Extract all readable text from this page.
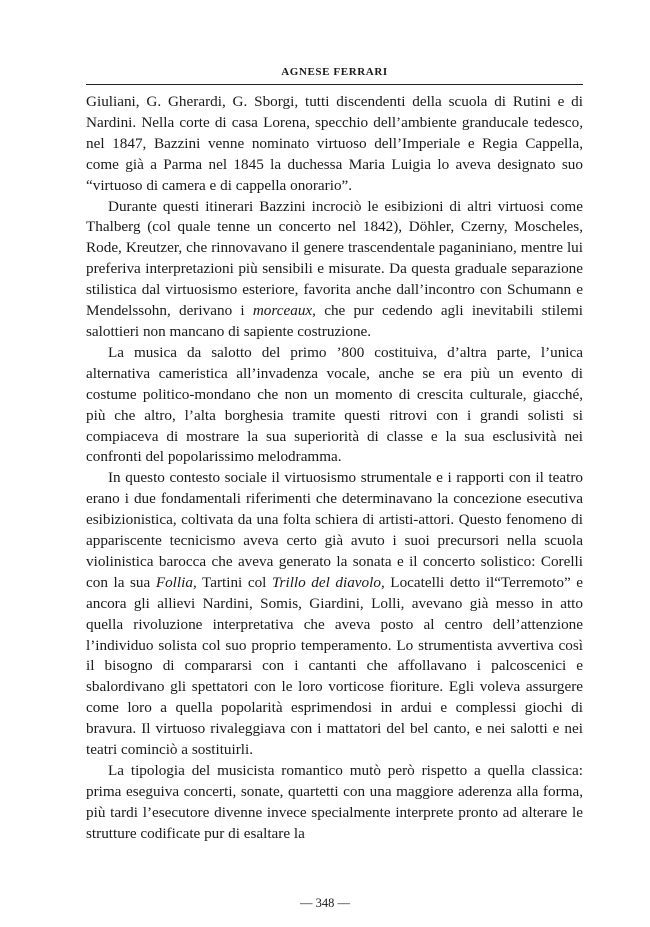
AGNESE FERRARI

Giuliani, G. Gherardi, G. Sborgi, tutti discendenti della scuola di Rutini e di Nardini. Nella corte di casa Lorena, specchio dell’ambiente granducale tedesco, nel 1847, Bazzini venne nominato virtuoso dell’Imperiale e Regia Cappella, come già a Parma nel 1845 la duchessa Maria Luigia lo aveva designato suo “virtuoso di camera e di cappella onorario”.

Durante questi itinerari Bazzini incrociò le esibizioni di altri virtuosi come Thalberg (col quale tenne un concerto nel 1842), Döhler, Czerny, Moscheles, Rode, Kreutzer, che rinnovavano il genere trascendentale paganiniano, mentre lui preferiva interpretazioni più sensibili e misurate. Da questa graduale separazione stilistica dal virtuosismo esteriore, favorita anche dall’incontro con Schumann e Mendelssohn, derivano i morceaux, che pur cedendo agli inevitabili stilemi salottieri non mancano di sapiente costruzione.

La musica da salotto del primo ’800 costituiva, d’altra parte, l’unica alternativa cameristica all’invadenza vocale, anche se era più un evento di costume politico-mondano che non un momento di crescita culturale, giacché, più che altro, l’alta borghesia tramite questi ritrovi con i grandi solisti si compiaceva di mostrare la sua superiorità di classe e la sua esclusività nei confronti del popolarissimo melodramma.

In questo contesto sociale il virtuosismo strumentale e i rapporti con il teatro erano i due fondamentali riferimenti che determinavano la concezione esecutiva esibizionistica, coltivata da una folta schiera di artisti-attori. Questo fenomeno di appariscente tecnicismo aveva certo già avuto i suoi precursori nella scuola violinistica barocca che aveva generato la sonata e il concerto solistico: Corelli con la sua Follia, Tartini col Trillo del diavolo, Locatelli detto il“Terremoto” e ancora gli allievi Nardini, Somis, Giardini, Lolli, avevano già messo in atto quella rivoluzione interpretativa che aveva posto al centro dell’attenzione l’individuo solista col suo proprio temperamento. Lo strumentista avvertiva così il bisogno di compararsi con i cantanti che affollavano i palcoscenici e sbalordivano gli spettatori con le loro vorticose fioriture. Egli voleva assurgere come loro a quella popolarità esprimendosi in ardui e complessi giochi di bravura. Il virtuoso rivaleggiava con i mattatori del bel canto, e nei salotti e nei teatri cominciò a sostituirli.

La tipologia del musicista romantico mutò però rispetto a quella classica: prima eseguiva concerti, sonate, quartetti con una maggiore aderenza alla forma, più tardi l’esecutore divenne invece specialmente interprete pronto ad alterare le strutture codificate pur di esaltare la

— 348 —
